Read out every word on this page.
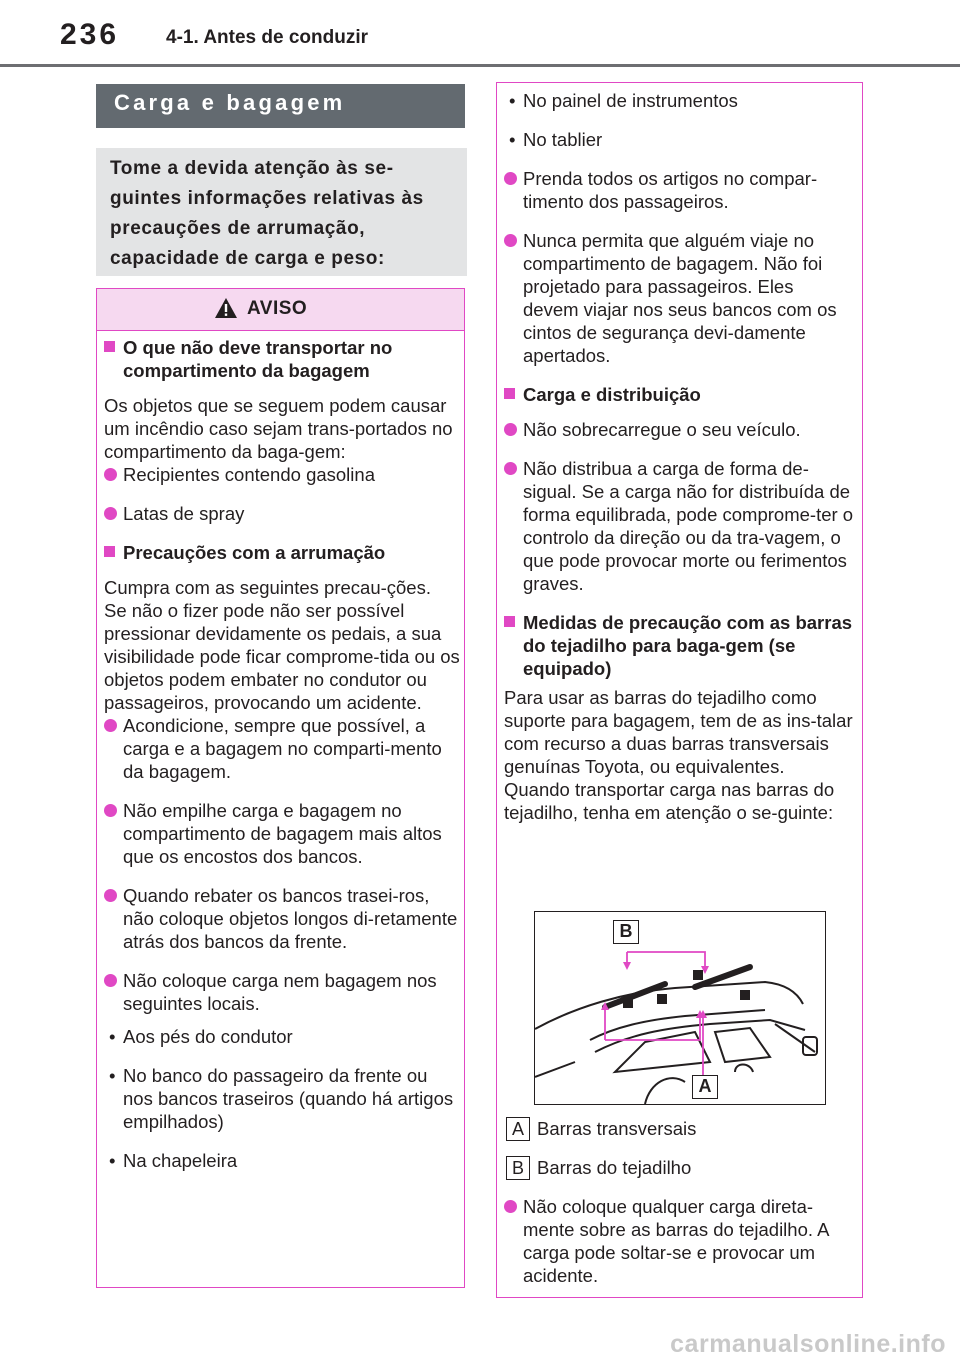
236 4-1. Antes de conduzir
Carga e bagagem
Tome a devida atenção às se-guintes informações relativas às precauções de arrumação, capacidade de carga e peso:
AVISO
O que não deve transportar no compartimento da bagagem

Os objetos que se seguem podem causar um incêndio caso sejam trans-portados no compartimento da baga-gem:

Recipientes contendo gasolina
Latas de spray
Precauções com a arrumação

Cumpra com as seguintes precau-ções.

Se não o fizer pode não ser possível pressionar devidamente os pedais, a sua visibilidade pode ficar comprome-tida ou os objetos podem embater no condutor ou passageiros, provocando um acidente.

Acondicione, sempre que possível, a carga e a bagagem no comparti-mento da bagagem.
Não empilhe carga e bagagem no compartimento de bagagem mais altos que os encostos dos bancos.
Quando rebater os bancos trasei-ros, não coloque objetos longos di-retamente atrás dos bancos da frente.
Não coloque carga nem bagagem nos seguintes locais.
• Aos pés do condutor
• No banco do passageiro da frente ou nos bancos traseiros (quando há artigos empilhados)
• Na chapeleira
• No painel de instrumentos
• No tablier
Prenda todos os artigos no compar-timento dos passageiros.
Nunca permita que alguém viaje no compartimento de bagagem. Não foi projetado para passageiros. Eles devem viajar nos seus bancos com os cintos de segurança devi-damente apertados.
Carga e distribuição
Não sobrecarregue o seu veículo.
Não distribua a carga de forma de-sigual. Se a carga não for distribuída de forma equilibrada, pode comprome-ter o controlo da direção ou da tra-vagem, o que pode provocar morte ou ferimentos graves.
Medidas de precaução com as barras do tejadilho para baga-gem (se equipado)

Para usar as barras do tejadilho como suporte para bagagem, tem de as ins-talar com recurso a duas barras transversais genuínas Toyota, ou equivalentes.

Quando transportar carga nas barras do tejadilho, tenha em atenção o se-guinte:

B
A
A Barras transversais
B Barras do tejadilho
Não coloque qualquer carga direta-mente sobre as barras do tejadilho. A carga pode soltar-se e provocar um acidente.
carmanualsonline.info
